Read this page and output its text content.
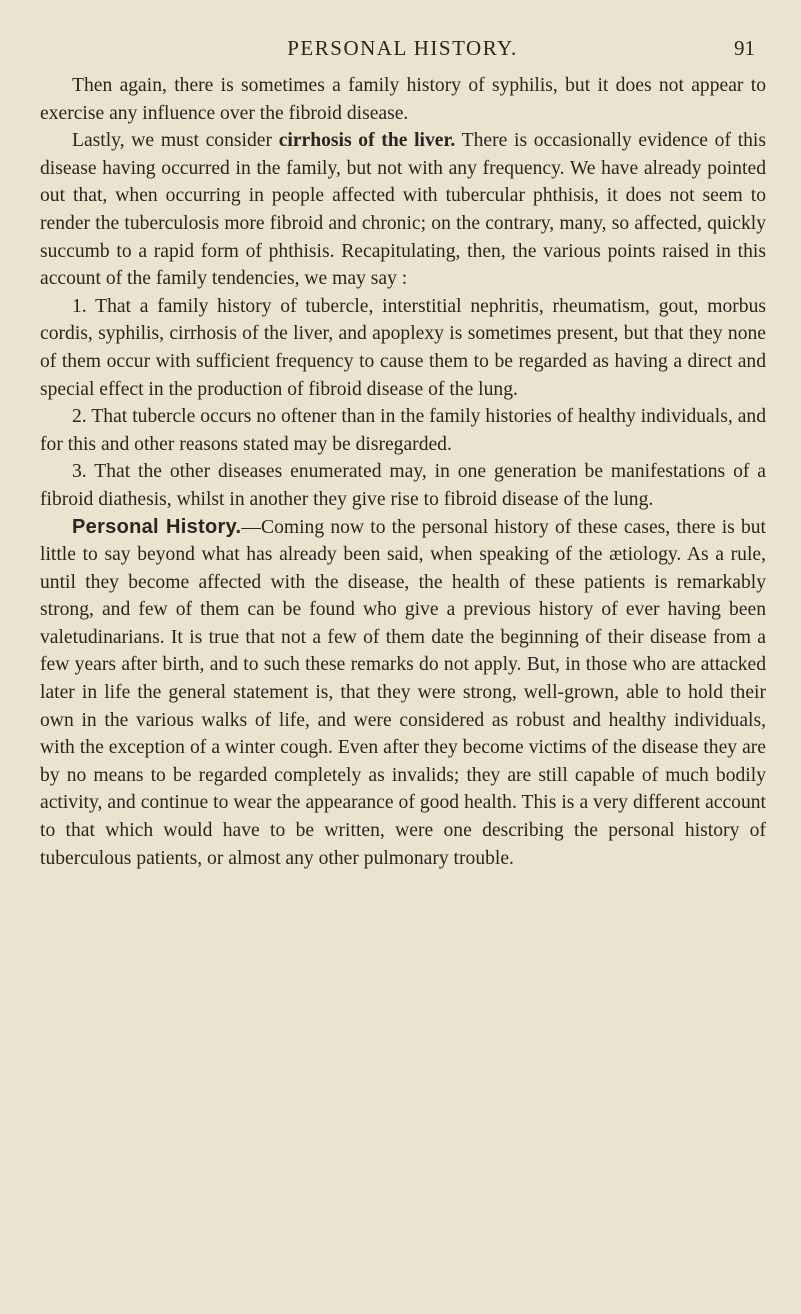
PERSONAL HISTORY.	91

Then again, there is sometimes a family history of syphilis, but it does not appear to exercise any influence over the fibroid disease.

Lastly, we must consider cirrhosis of the liver. There is occasionally evidence of this disease having occurred in the family, but not with any frequency. We have already pointed out that, when occurring in people affected with tubercular phthisis, it does not seem to render the tuberculosis more fibroid and chronic; on the contrary, many, so affected, quickly succumb to a rapid form of phthisis. Recapitulating, then, the various points raised in this account of the family tendencies, we may say :

1. That a family history of tubercle, interstitial nephritis, rheumatism, gout, morbus cordis, syphilis, cirrhosis of the liver, and apoplexy is sometimes present, but that they none of them occur with sufficient frequency to cause them to be regarded as having a direct and special effect in the production of fibroid disease of the lung.

2. That tubercle occurs no oftener than in the family histories of healthy individuals, and for this and other reasons stated may be disregarded.

3. That the other diseases enumerated may, in one generation be manifestations of a fibroid diathesis, whilst in another they give rise to fibroid disease of the lung.

Personal History.—Coming now to the personal history of these cases, there is but little to say beyond what has already been said, when speaking of the ætiology. As a rule, until they become affected with the disease, the health of these patients is remarkably strong, and few of them can be found who give a previous history of ever having been valetudinarians. It is true that not a few of them date the beginning of their disease from a few years after birth, and to such these remarks do not apply. But, in those who are attacked later in life the general statement is, that they were strong, well-grown, able to hold their own in the various walks of life, and were considered as robust and healthy individuals, with the exception of a winter cough. Even after they become victims of the disease they are by no means to be regarded completely as invalids; they are still capable of much bodily activity, and continue to wear the appearance of good health. This is a very different account to that which would have to be written, were one describing the personal history of tuberculous patients, or almost any other pulmonary trouble.
